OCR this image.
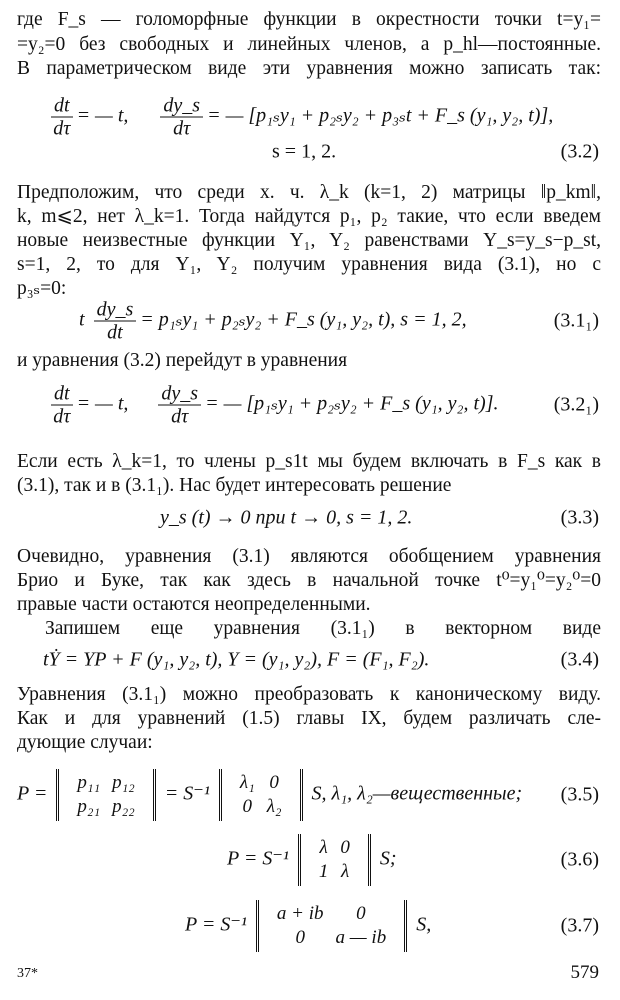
где F_s — голоморфные функции в окрестности точки t=y₁=
=y₂=0 без свободных и линейных членов, а p_hl—постоянные.
В параметрическом виде эти уравнения можно записать так:
$\frac{dt}{d\tau}$ = — t, $\frac{dy\_s}{d\tau}$ = — [p₁ₛy₁ + p₂ₛy₂ + p₃ₛt + F_s (y₁, y₂, t)],
s = 1, 2.	(3.2)
Предположим, что среди х. ч. λ_k (k=1, 2) матрицы ‖p_km‖,
k, m⩽2, нет λ_k=1. Тогда найдутся p₁, p₂ такие, что если введем
новые неизвестные функции Y₁, Y₂ равенствами Y_s=y_s−p_st,
s=1, 2, то для Y₁, Y₂ получим уравнения вида (3.1), но с
p₃ₛ=0:
t $\frac{dy\_s}{dt} = p_{1s}y_1 + p_{2s}y_2$ + F_s (y₁, y₂, t), s = 1, 2,	(3.1₁)
и уравнения (3.2) перейдут в уравнения
$\frac{dt}{d\tau}$ = — t, $\frac{dy\_s}{d\tau}$ = — [p₁ₛy₁ + p₂ₛy₂ + F_s (y₁, y₂, t)].	(3.2₁)
Если есть λ_k=1, то члены p_s1t мы будем включать в F_s как в
(3.1), так и в (3.1₁). Нас будет интересовать решение
y_s (t) → 0 при t → 0, s = 1, 2.	(3.3)
Очевидно, уравнения (3.1) являются обобщением уравнения
Брио и Буке, так как здесь в начальной точке t⁰=y₁⁰=y₂⁰=0
правые части остаются неопределенными.
Запишем еще уравнения (3.1₁) в векторном виде
tẎ = YP + F (y₁, y₂, t), Y = (y₁, y₂), F = (F₁, F₂).	(3.4)
Уравнения (3.1₁) можно преобразовать к каноническому виду.
Как и для уравнений (1.5) главы IX, будем различать сле-
дующие случаи:
P =
p₁₁	p₁₂
p₂₁	p₂₂
= S⁻¹
λ₁	0
0	λ₂
S, λ₁, λ₂—вещественные; (3.5)
P = S⁻¹
λ	0
1	λ
S;	(3.6)
P = S⁻¹
a + ib	0
0	a — ib
S,	(3.7)
37*	579
